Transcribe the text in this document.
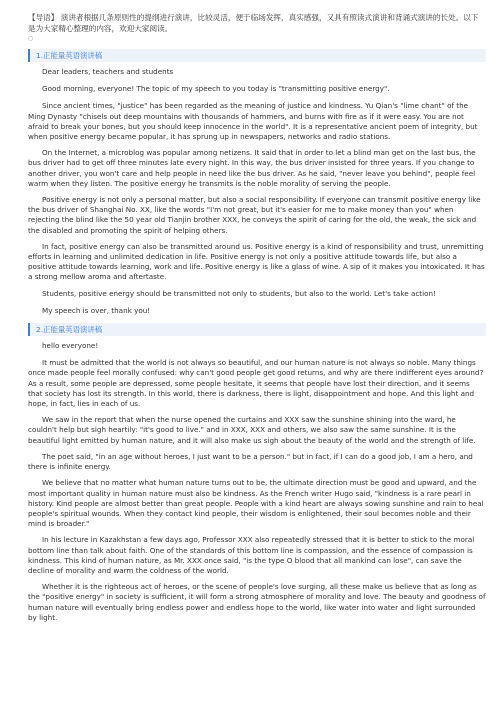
【导语】 演讲者根据几条原则性的提纲进行演讲，比较灵活，便于临场发挥，真实感强，又具有照读式演讲和背诵式演讲的长处。以下是为大家精心整理的内容，欢迎大家阅读。

○
1.正能量英语演讲稿

Dear leaders, teachers and students

Good morning, everyone! The topic of my speech to you today is "transmitting positive energy".

Since ancient times, "justice" has been regarded as the meaning of justice and kindness. Yu Qian's "lime chant" of the Ming Dynasty "chisels out deep mountains with thousands of hammers, and burns with fire as if it were easy. You are not afraid to break your bones, but you should keep innocence in the world". It is a representative ancient poem of integrity, but when positive energy became popular, it has sprung up in newspapers, networks and radio stations.

On the Internet, a microblog was popular among netizens. It said that in order to let a blind man get on the last bus, the bus driver had to get off three minutes late every night. In this way, the bus driver insisted for three years. If you change to another driver, you won't care and help people in need like the bus driver. As he said, "never leave you behind", people feel warm when they listen. The positive energy he transmits is the noble morality of serving the people.

Positive energy is not only a personal matter, but also a social responsibility. If everyone can transmit positive energy like the bus driver of Shanghai No. XX, like the words "I'm not great, but it's easier for me to make money than you" when rejecting the blind like the 50 year old Tianjin brother XXX, he conveys the spirit of caring for the old, the weak, the sick and the disabled and promoting the spirit of helping others.

In fact, positive energy can also be transmitted around us. Positive energy is a kind of responsibility and trust, unremitting efforts in learning and unlimited dedication in life. Positive energy is not only a positive attitude towards life, but also a positive attitude towards learning, work and life. Positive energy is like a glass of wine. A sip of it makes you intoxicated. It has a strong mellow aroma and aftertaste.

Students, positive energy should be transmitted not only to students, but also to the world. Let's take action!

My speech is over, thank you!

2.正能量英语演讲稿

hello everyone!

It must be admitted that the world is not always so beautiful, and our human nature is not always so noble. Many things once made people feel morally confused: why can't good people get good returns, and why are there indifferent eyes around? As a result, some people are depressed, some people hesitate, it seems that people have lost their direction, and it seems that society has lost its strength. In this world, there is darkness, there is light, disappointment and hope. And this light and hope, in fact, lies in each of us.

We saw in the report that when the nurse opened the curtains and XXX saw the sunshine shining into the ward, he couldn't help but sigh heartily: "it's good to live." and in XXX, XXX and others, we also saw the same sunshine. It is the beautiful light emitted by human nature, and it will also make us sigh about the beauty of the world and the strength of life.

The poet said, "in an age without heroes, I just want to be a person." but in fact, if I can do a good job, I am a hero, and there is infinite energy.

We believe that no matter what human nature turns out to be, the ultimate direction must be good and upward, and the most important quality in human nature must also be kindness. As the French writer Hugo said, "kindness is a rare pearl in history. Kind people are almost better than great people. People with a kind heart are always sowing sunshine and rain to heal people's spiritual wounds. When they contact kind people, their wisdom is enlightened, their soul becomes noble and their mind is broader."

In his lecture in Kazakhstan a few days ago, Professor XXX also repeatedly stressed that it is better to stick to the moral bottom line than talk about faith. One of the standards of this bottom line is compassion, and the essence of compassion is kindness. This kind of human nature, as Mr. XXX once said, "is the type O blood that all mankind can lose", can save the decline of morality and warm the coldness of the world.

Whether it is the righteous act of heroes, or the scene of people's love surging, all these make us believe that as long as the "positive energy" in society is sufficient, it will form a strong atmosphere of morality and love. The beauty and goodness of human nature will eventually bring endless power and endless hope to the world, like water into water and light surrounded by light.
